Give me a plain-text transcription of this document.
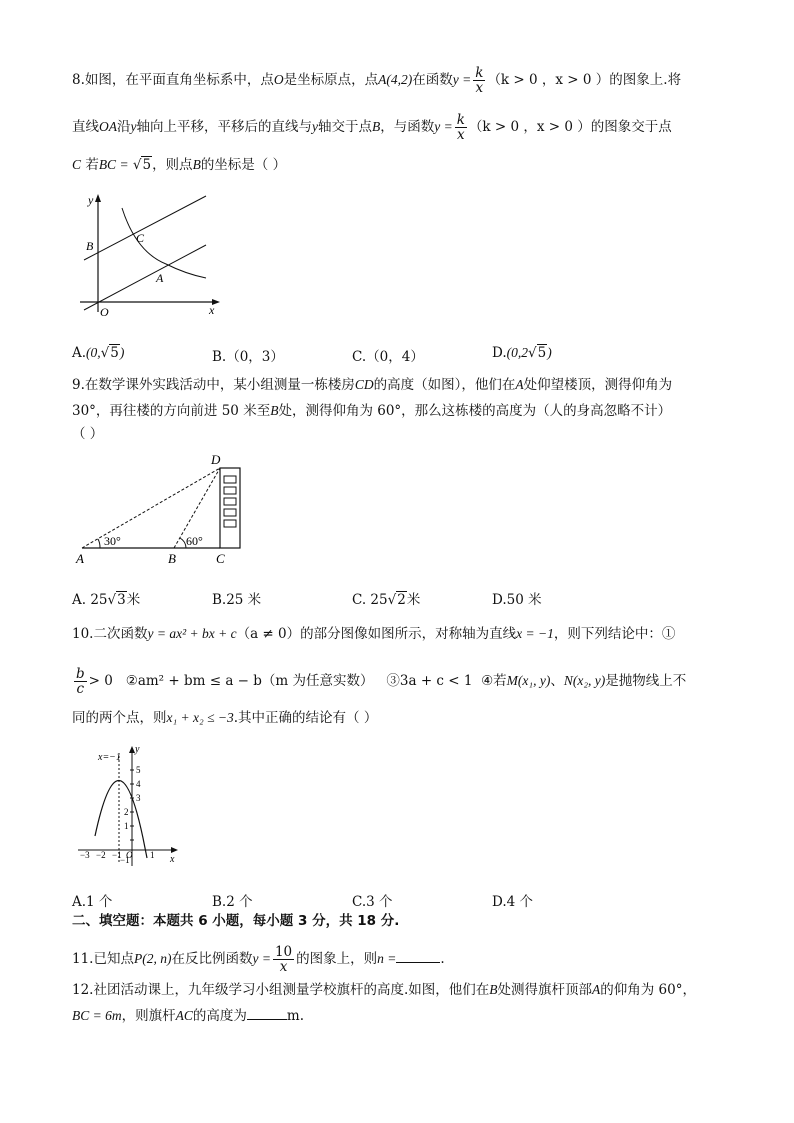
8.如图，在平面直角坐标系中，点O是坐标原点，点A(4,2)在函数$y = \frac{k}{x} (k > 0$ ，x > 0 ）的图象上.将
直线OA沿y轴向上平移，平移后的直线与y轴交于点B，与函数$y = \frac{k}{x} (k > 0$ ，x > 0 ）的图象交于点
C 若BC = √5，则点B的坐标是（ ）
y
x
O
B
C
A
A.(0,√5)	B.（0，3）	C.（0，4）	D.(0,2√5)
9.在数学课外实践活动中，某小组测量一栋楼房CD的高度（如图），他们在A处仰望楼顶，测得仰角为
30°，再往楼的方向前进 50 米至B处，测得仰角为 60°，那么这栋楼的高度为（人的身高忽略不计）
（ ）
D
A	B	C
30°	60°
A. 25√3米	B.25 米	C. 25√2米	D.50 米
10.二次函数y = ax² + bx + c（a ≠ 0）的部分图像如图所示，对称轴为直线x = −1，则下列结论中：①
$\frac{b}{c} > 0$ ②am² + bm ≤ a − b（m 为任意实数） ③3a + c < 1 ④若M(x₁, y)、N(x₂, y)是抛物线上不
同的两个点，则x₁ + x₂ ≤ −3.其中正确的结论有（ ）
x=−1
y
x
5
4
3
2
1
−1
−3 −2 −1 O 1
A.1 个	B.2 个	C.3 个	D.4 个
二、填空题：本题共 6 小题，每小题 3 分，共 18 分.
11.已知点P(2, n)在反比例函数$y = \frac{10}{x}$ 的图象上，则n =	.
12.社团活动课上，九年级学习小组测量学校旗杆的高度.如图，他们在B处测得旗杆顶部A的仰角为 60°，
BC = 6m，则旗杆AC的高度为	m.
